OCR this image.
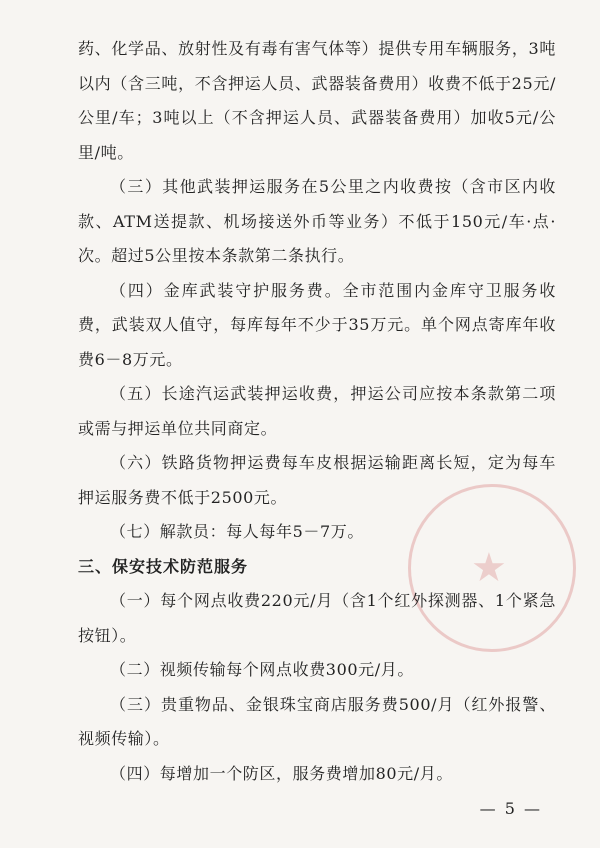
★

药、化学品、放射性及有毒有害气体等）提供专用车辆服务，3吨以内（含三吨，不含押运人员、武器装备费用）收费不低于25元/公里/车；3吨以上（不含押运人员、武器装备费用）加收5元/公里/吨。

（三）其他武装押运服务在5公里之内收费按（含市区内收款、ATM送提款、机场接送外币等业务）不低于150元/车·点·次。超过5公里按本条款第二条执行。

（四）金库武装守护服务费。全市范围内金库守卫服务收费，武装双人值守，每库每年不少于35万元。单个网点寄库年收费6－8万元。

（五）长途汽运武装押运收费，押运公司应按本条款第二项或需与押运单位共同商定。

（六）铁路货物押运费每车皮根据运输距离长短，定为每车押运服务费不低于2500元。

（七）解款员：每人每年5－7万。

三、保安技术防范服务

（一）每个网点收费220元/月（含1个红外探测器、1个紧急按钮）。

（二）视频传输每个网点收费300元/月。

（三）贵重物品、金银珠宝商店服务费500/月（红外报警、视频传输）。

（四）每增加一个防区，服务费增加80元/月。

— 5 —
